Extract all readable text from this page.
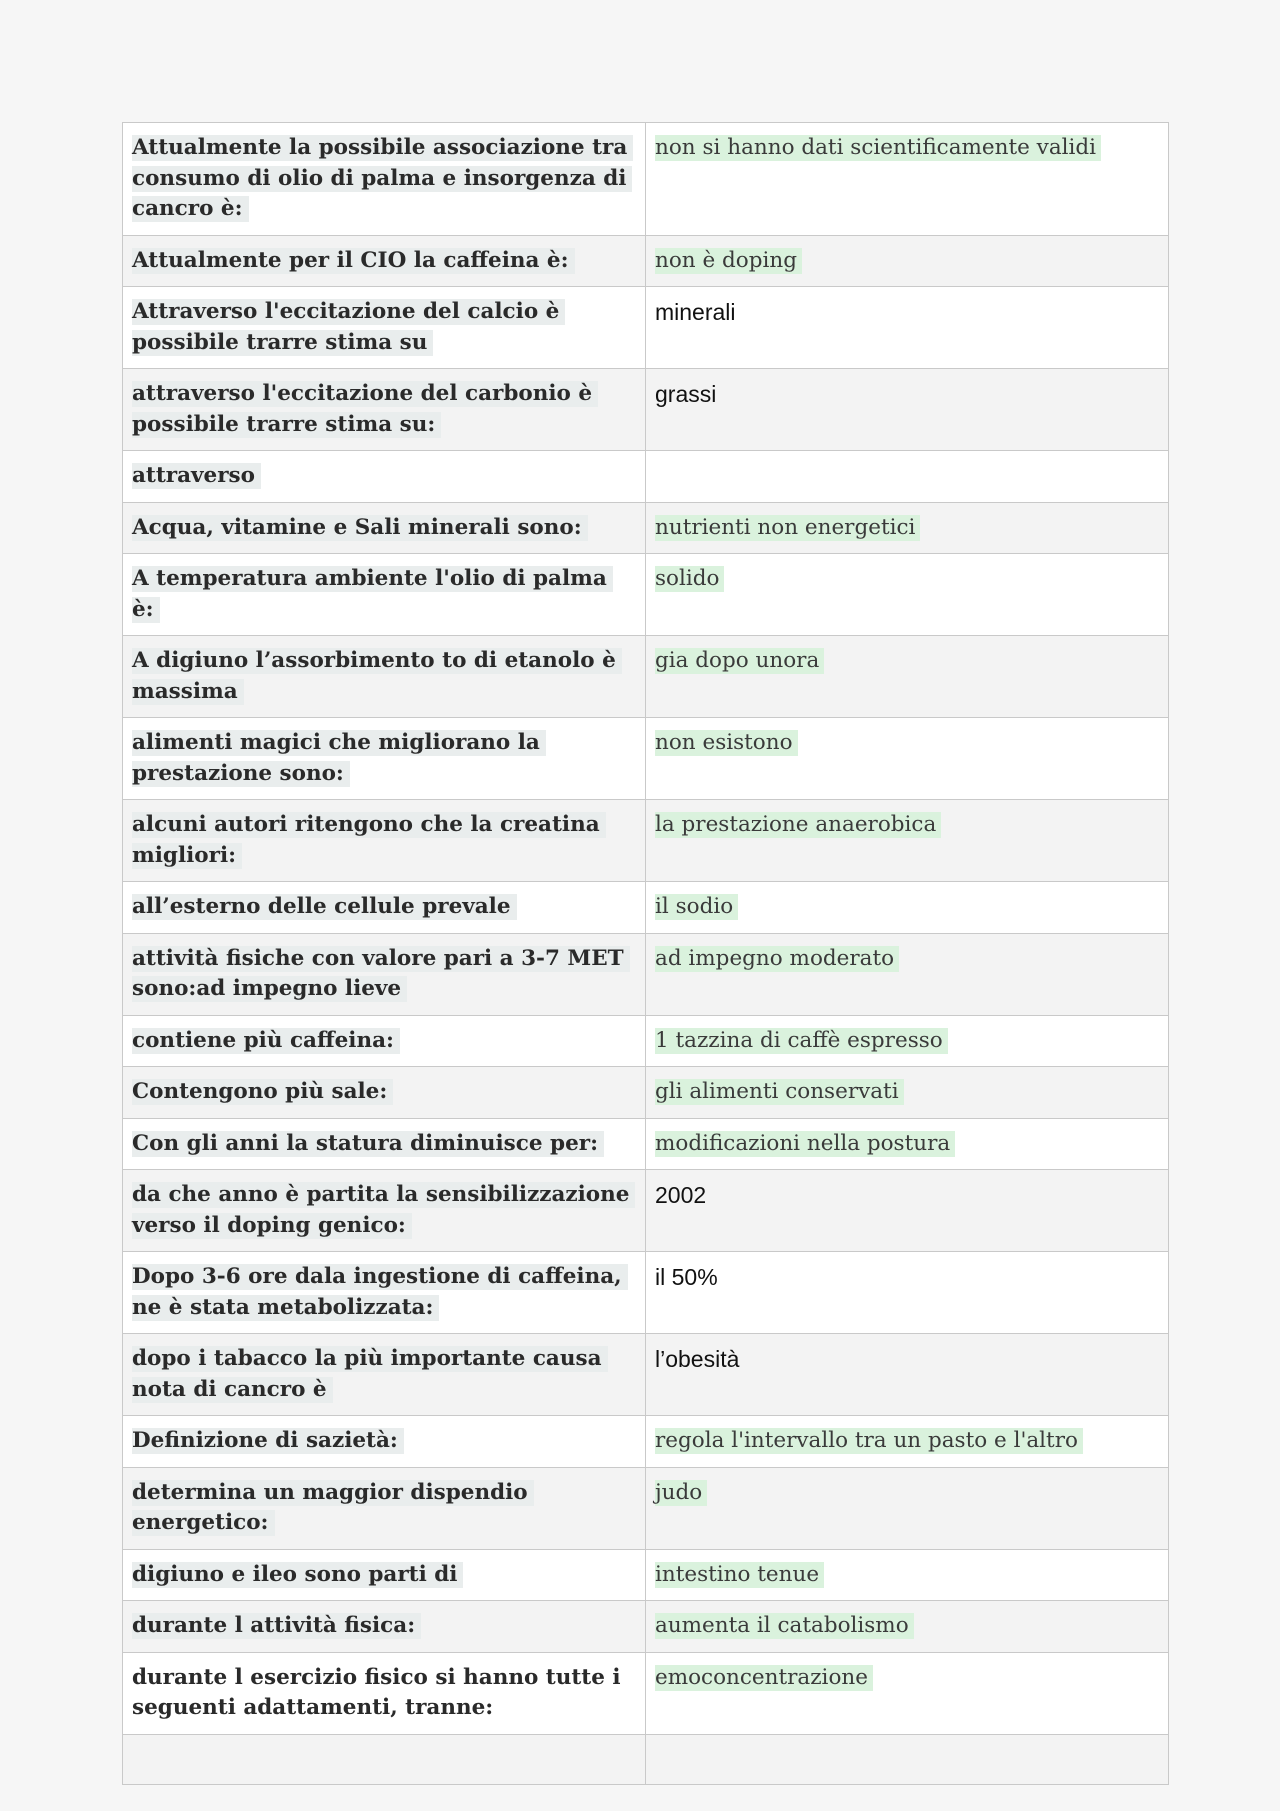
Attualmente la possibile associazione tra consumo di olio di palma e insorgenza di cancro è:	non si hanno dati scientificamente validi
Attualmente per il CIO la caffeina è:	non è doping
Attraverso l'eccitazione del calcio è possibile trarre stima su	minerali
attraverso l'eccitazione del carbonio è possibile trarre stima su:	grassi
attraverso	
Acqua, vitamine e Sali minerali sono:	nutrienti non energetici
A temperatura ambiente l'olio di palma è:	solido
A digiuno l’assorbimento to di etanolo è massima	gia dopo unora
alimenti magici che migliorano la prestazione sono:	non esistono
alcuni autori ritengono che la creatina migliori:	la prestazione anaerobica
all’esterno delle cellule prevale	il sodio
attività fisiche con valore pari a 3-7 MET sono:ad impegno lieve	ad impegno moderato
contiene più caffeina:	1 tazzina di caffè espresso
Contengono più sale:	gli alimenti conservati
Con gli anni la statura diminuisce per:	modificazioni nella postura
da che anno è partita la sensibilizzazione verso il doping genico:	2002
Dopo 3-6 ore dala ingestione di caffeina, ne è stata metabolizzata:	il 50%
dopo i tabacco la più importante causa nota di cancro è	l’obesità
Definizione di sazietà:	regola l'intervallo tra un pasto e l'altro
determina un maggior dispendio energetico:	judo
digiuno e ileo sono parti di	intestino tenue
durante l attività fisica:	aumenta il catabolismo
durante l esercizio fisico si hanno tutte i seguenti adattamenti, tranne:	emoconcentrazione
